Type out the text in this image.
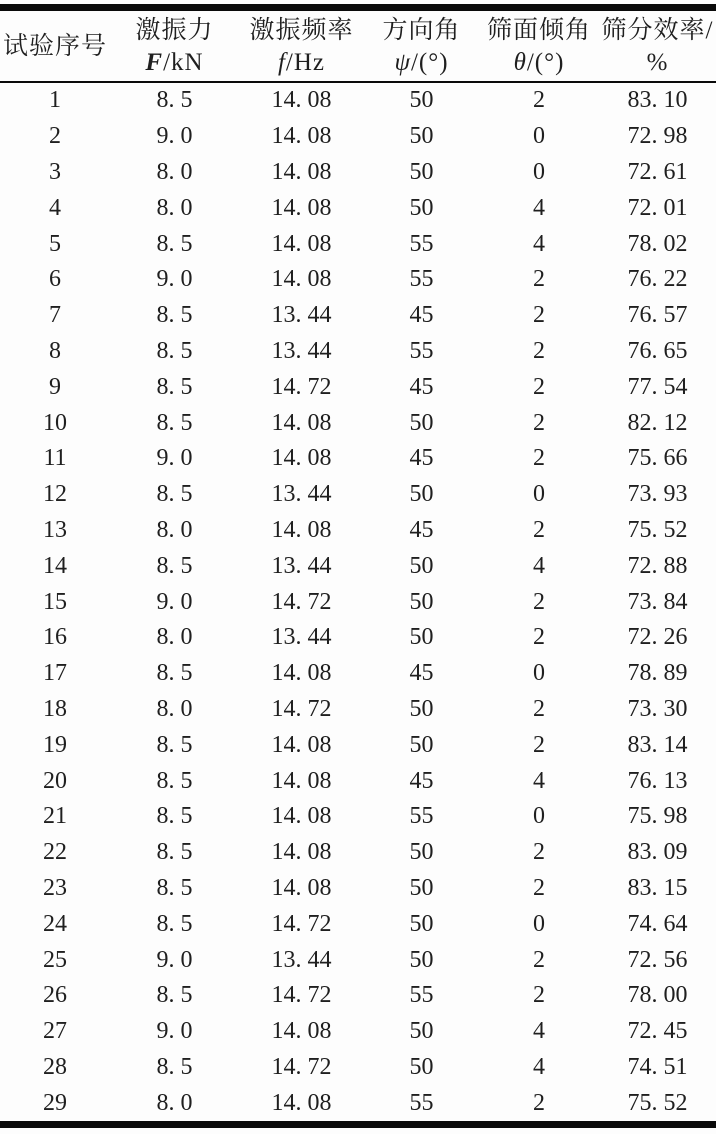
试验序号

激振力
F/kN

激振频率
f/Hz

方向角
ψ/(°)

筛面倾角
θ/(°)

筛分效率/
%

1	8. 5	14. 08	50	2	83. 10
2	9. 0	14. 08	50	0	72. 98
3	8. 0	14. 08	50	0	72. 61
4	8. 0	14. 08	50	4	72. 01
5	8. 5	14. 08	55	4	78. 02
6	9. 0	14. 08	55	2	76. 22
7	8. 5	13. 44	45	2	76. 57
8	8. 5	13. 44	55	2	76. 65
9	8. 5	14. 72	45	2	77. 54
10	8. 5	14. 08	50	2	82. 12
11	9. 0	14. 08	45	2	75. 66
12	8. 5	13. 44	50	0	73. 93
13	8. 0	14. 08	45	2	75. 52
14	8. 5	13. 44	50	4	72. 88
15	9. 0	14. 72	50	2	73. 84
16	8. 0	13. 44	50	2	72. 26
17	8. 5	14. 08	45	0	78. 89
18	8. 0	14. 72	50	2	73. 30
19	8. 5	14. 08	50	2	83. 14
20	8. 5	14. 08	45	4	76. 13
21	8. 5	14. 08	55	0	75. 98
22	8. 5	14. 08	50	2	83. 09
23	8. 5	14. 08	50	2	83. 15
24	8. 5	14. 72	50	0	74. 64
25	9. 0	13. 44	50	2	72. 56
26	8. 5	14. 72	55	2	78. 00
27	9. 0	14. 08	50	4	72. 45
28	8. 5	14. 72	50	4	74. 51
29	8. 0	14. 08	55	2	75. 52
